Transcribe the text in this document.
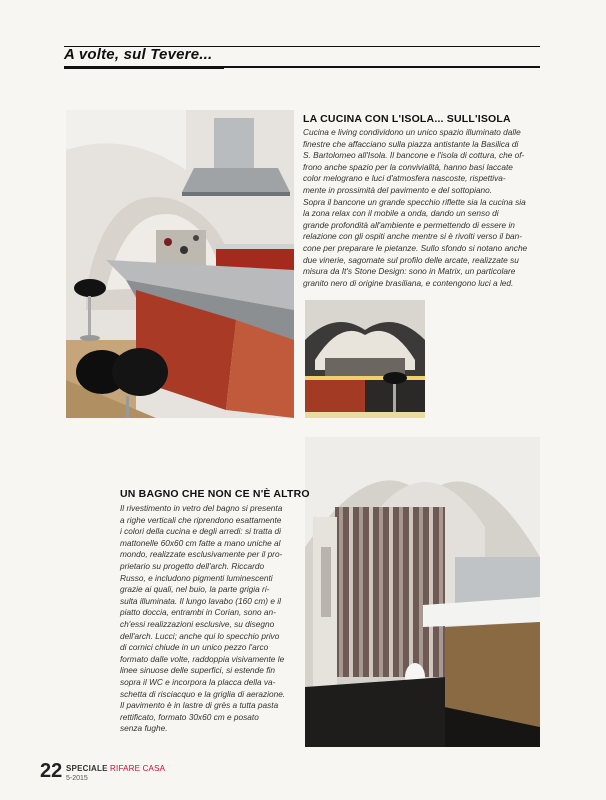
A volte, sul Tevere...
LA CUCINA CON L'ISOLA... SULL'ISOLA
Cucina e living condividono un unico spazio illuminato dalle
finestre che affacciano sulla piazza antistante la Basilica di
S. Bartolomeo all'Isola. Il bancone e l'isola di cottura, che of-
frono anche spazio per la convivialità, hanno basi laccate
color melograno e luci d'atmosfera nascoste, rispettiva-
mente in prossimità del pavimento e del sottopiano.
Sopra il bancone un grande specchio riflette sia la cucina sia
la zona relax con il mobile a onda, dando un senso di
grande profondità all'ambiente e permettendo di essere in
relazione con gli ospiti anche mentre si è rivolti verso il ban-
cone per preparare le pietanze. Sullo sfondo si notano anche
due vinerie, sagomate sul profilo delle arcate, realizzate su
misura da It's Stone Design: sono in Matrix, un particolare
granito nero di origine brasiliana, e contengono luci a led.
UN BAGNO CHE NON CE N'È ALTRO
Il rivestimento in vetro del bagno si presenta
a righe verticali che riprendono esattamente
i colori della cucina e degli arredi: si tratta di
mattonelle 60x60 cm fatte a mano uniche al
mondo, realizzate esclusivamente per il pro-
prietario su progetto dell'arch. Riccardo
Russo, e includono pigmenti luminescenti
grazie ai quali, nel buio, la parte grigia ri-
sulta illuminata. Il lungo lavabo (160 cm) e il
piatto doccia, entrambi in Corian, sono an-
ch'essi realizzazioni esclusive, su disegno
dell'arch. Lucci; anche qui lo specchio privo
di cornici chiude in un unico pezzo l'arco
formato dalle volte, raddoppia visivamente le
linee sinuose delle superfici, si estende fin
sopra il WC e incorpora la placca della va-
schetta di risciacquo e la griglia di aerazione.
Il pavimento è in lastre di grès a tutta pasta
rettificato, formato 30x60 cm e posato
senza fughe.
22 SPECIALE RIFARE CASA
5-2015
